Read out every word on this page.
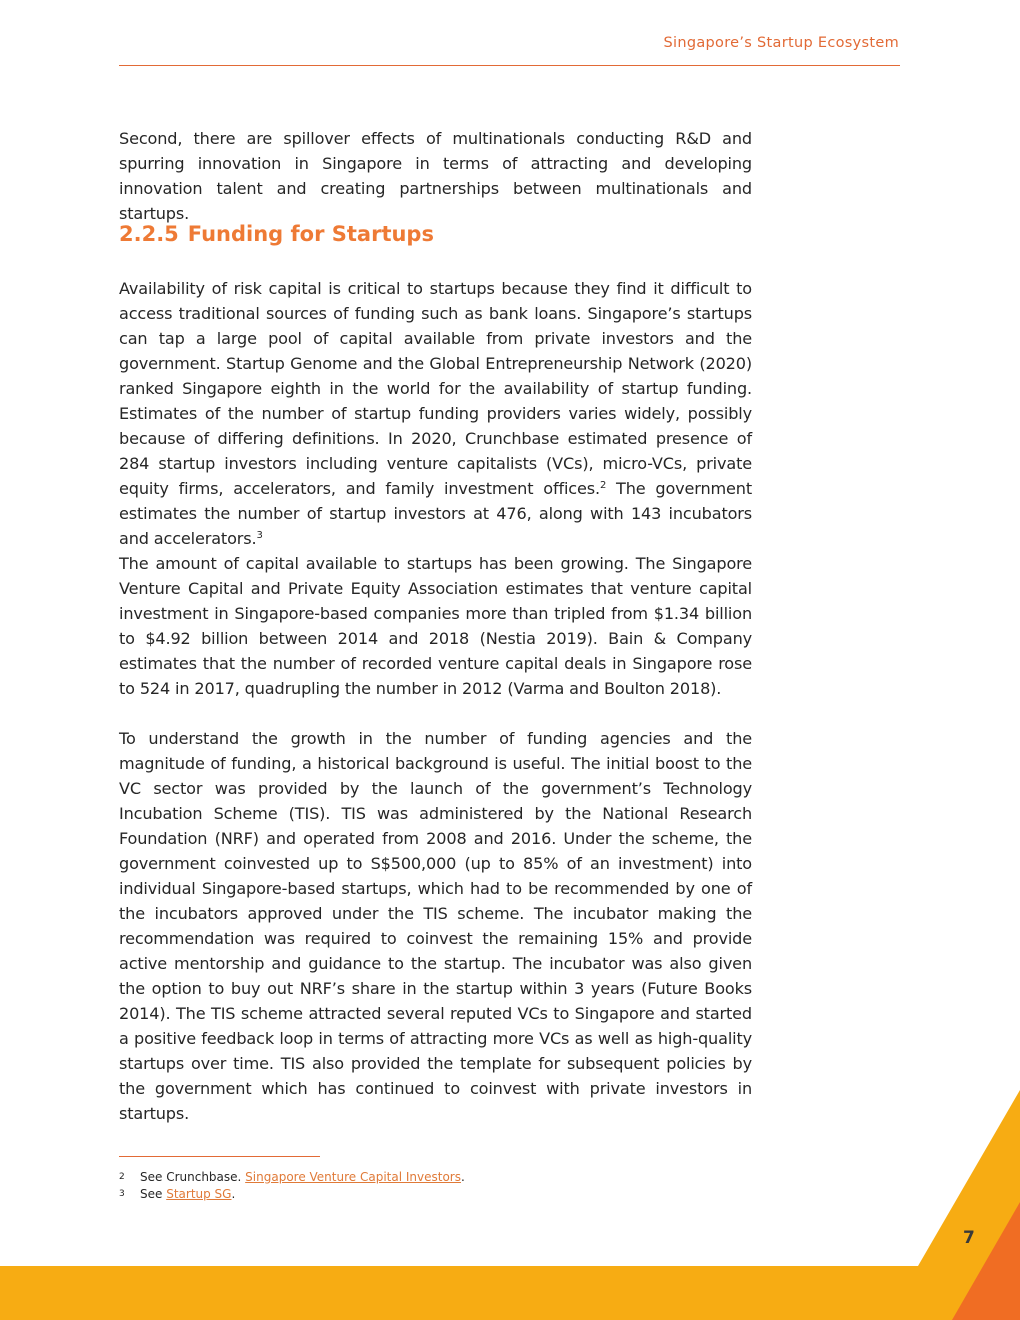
Singapore’s Startup Ecosystem

Second, there are spillover effects of multinationals conducting R&D and spurring innovation in Singapore in terms of attracting and developing innovation talent and creating partnerships between multinationals and startups.

2.2.5 Funding for Startups

Availability of risk capital is critical to startups because they find it difficult to access traditional sources of funding such as bank loans. Singapore’s startups can tap a large pool of capital available from private investors and the government. Startup Genome and the Global Entrepreneurship Network (2020) ranked Singapore eighth in the world for the availability of startup funding. Estimates of the number of startup funding providers varies widely, possibly because of differing definitions. In 2020, Crunchbase estimated presence of 284 startup investors including venture capitalists (VCs), micro-VCs, private equity firms, accelerators, and family investment offices.$^2$ The government estimates the number of startup investors at 476, along with 143 incubators and accelerators.$^3$

The amount of capital available to startups has been growing. The Singapore Venture Capital and Private Equity Association estimates that venture capital investment in Singapore-based companies more than tripled from $1.34 billion to $4.92 billion between 2014 and 2018 (Nestia 2019). Bain & Company estimates that the number of recorded venture capital deals in Singapore rose to 524 in 2017, quadrupling the number in 2012 (Varma and Boulton 2018).

To understand the growth in the number of funding agencies and the magnitude of funding, a historical background is useful. The initial boost to the VC sector was provided by the launch of the government’s Technology Incubation Scheme (TIS). TIS was administered by the National Research Foundation (NRF) and operated from 2008 and 2016. Under the scheme, the government coinvested up to S$500,000 (up to 85% of an investment) into individual Singapore-based startups, which had to be recommended by one of the incubators approved under the TIS scheme. The incubator making the recommendation was required to coinvest the remaining 15% and provide active mentorship and guidance to the startup. The incubator was also given the option to buy out NRF’s share in the startup within 3 years (Future Books 2014). The TIS scheme attracted several reputed VCs to Singapore and started a positive feedback loop in terms of attracting more VCs as well as high-quality startups over time. TIS also provided the template for subsequent policies by the government which has continued to coinvest with private investors in startups.

2	See Crunchbase. Singapore Venture Capital Investors.
3	See Startup SG.
7
